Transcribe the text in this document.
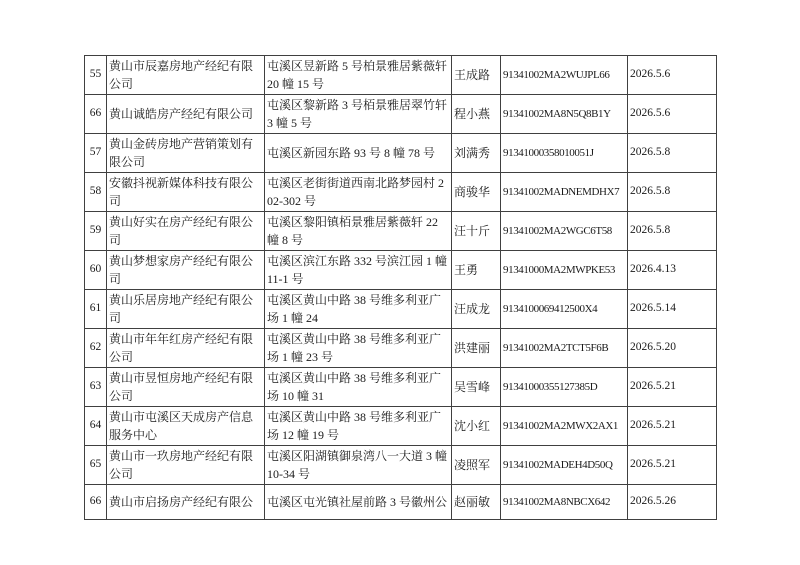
55	黄山市辰嘉房地产经纪有限公司	屯溪区昱新路 5 号柏景雅居紫薇轩 20 幢 15 号	王成路	91341002MA2WUJPL66	2026.5.6
66	黄山诚皓房产经纪有限公司	屯溪区黎新路 3 号栢景雅居翠竹轩 3 幢 5 号	程小燕	91341002MA8N5Q8B1Y	2026.5.6
57	黄山金砖房地产营销策划有限公司	屯溪区新园东路 93 号 8 幢 78 号	刘满秀	91341000358010051J	2026.5.8
58	安徽抖视新媒体科技有限公司	屯溪区老街街道西南北路梦园村 202-302 号	商骏华	91341002MADNEMDHX7	2026.5.8
59	黄山好实在房产经纪有限公司	屯溪区黎阳镇栢景雅居紫薇轩 22 幢 8 号	汪十斤	91341002MA2WGC6T58	2026.5.8
60	黄山梦想家房产经纪有限公司	屯溪区滨江东路 332 号滨江园 1 幢 11-1 号	王勇	91341000MA2MWPKE53	2026.4.13
61	黄山乐居房地产经纪有限公司	屯溪区黄山中路 38 号维多利亚广场 1 幢 24	汪成龙	9134100069412500X4	2026.5.14
62	黄山市年年红房产经纪有限公司	屯溪区黄山中路 38 号维多利亚广场 1 幢 23 号	洪建丽	91341002MA2TCT5F6B	2026.5.20
63	黄山市昱恒房地产经纪有限公司	屯溪区黄山中路 38 号维多利亚广场 10 幢 31	吴雪峰	91341000355127385D	2026.5.21
64	黄山市屯溪区天成房产信息服务中心	屯溪区黄山中路 38 号维多利亚广场 12 幢 19 号	沈小红	91341002MA2MWX2AX1	2026.5.21
65	黄山市一玖房地产经纪有限公司	屯溪区阳湖镇御泉湾八一大道 3 幢 10-34 号	凌照军	91341002MADEH4D50Q	2026.5.21
66	黄山市启扬房产经纪有限公	屯溪区屯光镇社屋前路 3 号徽州公	赵丽敏	91341002MA8NBCX642	2026.5.26
